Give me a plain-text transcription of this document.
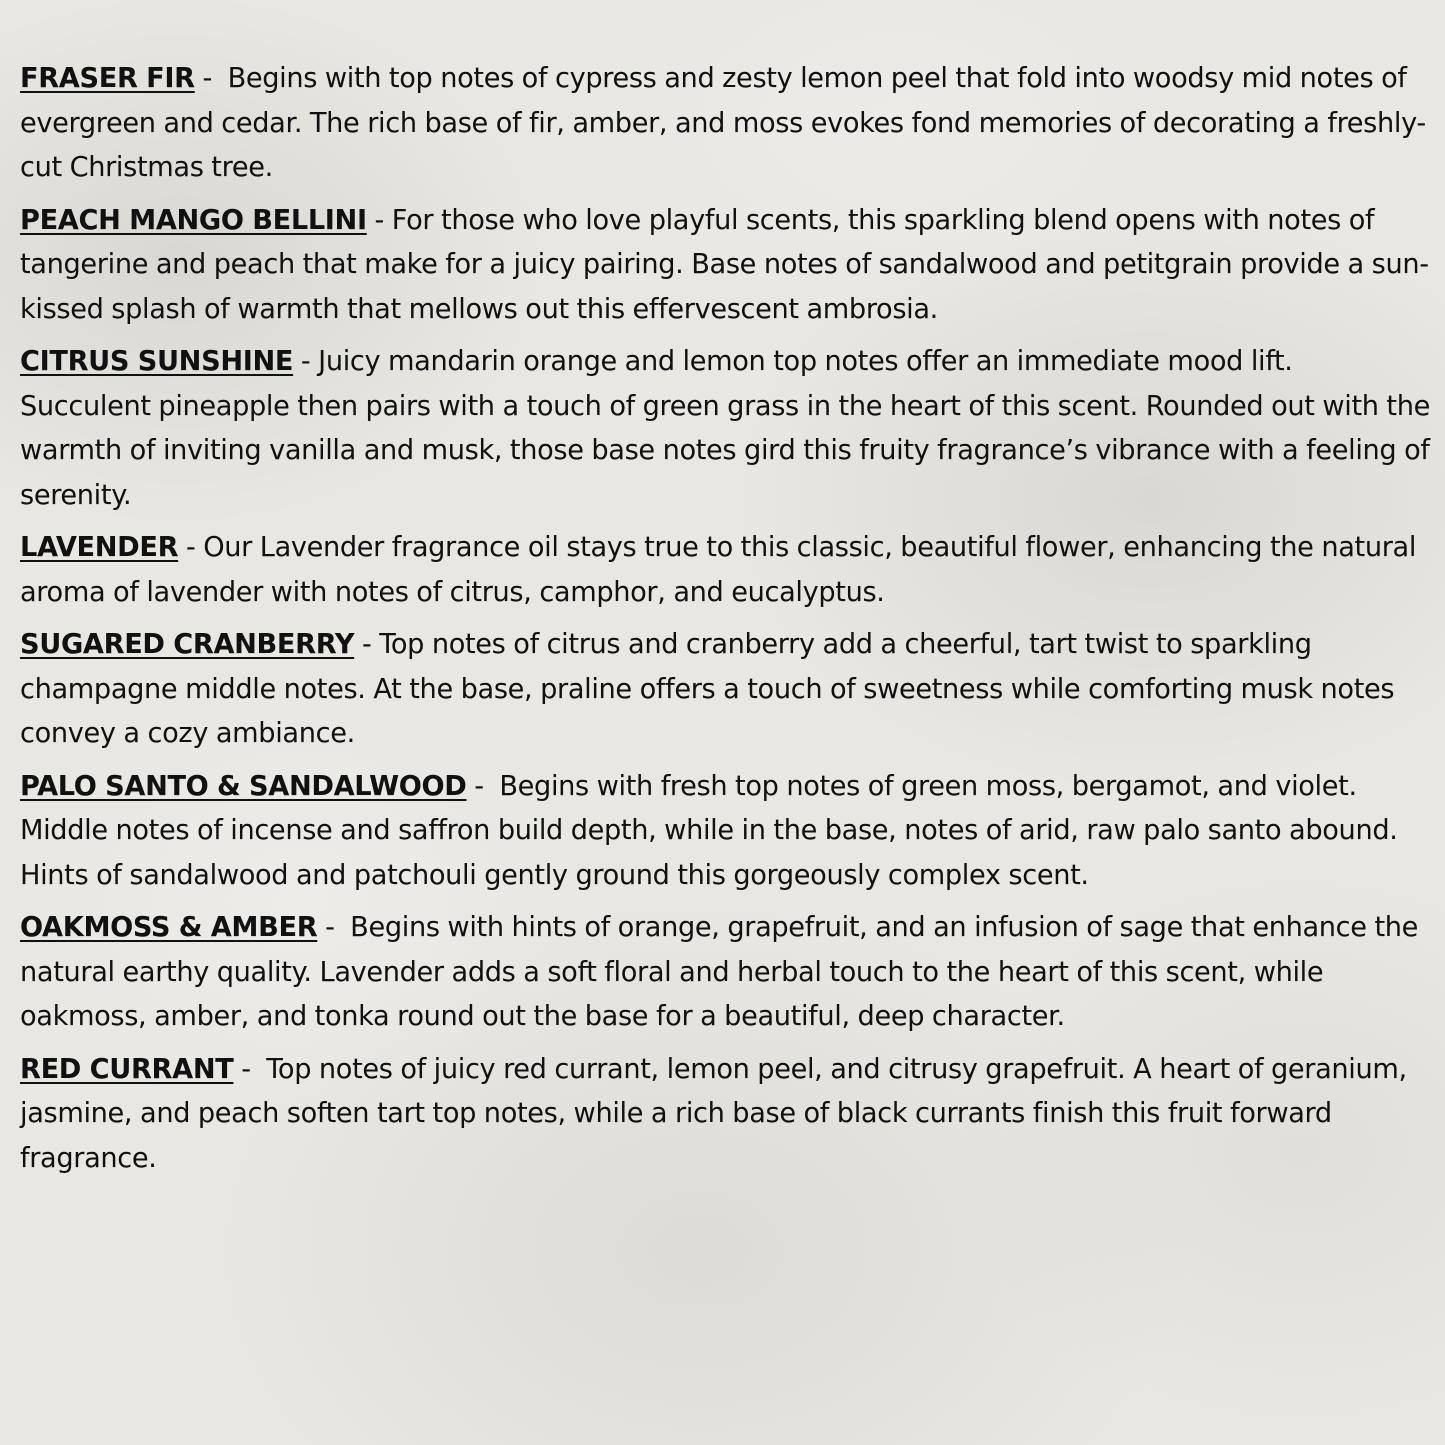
FRASER FIR -  Begins with top notes of cypress and zesty lemon peel that fold into woodsy mid notes of evergreen and cedar. The rich base of fir, amber, and moss evokes fond memories of decorating a freshly-cut Christmas tree.

PEACH MANGO BELLINI - For those who love playful scents, this sparkling blend opens with notes of tangerine and peach that make for a juicy pairing. Base notes of sandalwood and petitgrain provide a sun-kissed splash of warmth that mellows out this effervescent ambrosia.

CITRUS SUNSHINE - Juicy mandarin orange and lemon top notes offer an immediate mood lift. Succulent pineapple then pairs with a touch of green grass in the heart of this scent. Rounded out with the warmth of inviting vanilla and musk, those base notes gird this fruity fragrance’s vibrance with a feeling of serenity.

LAVENDER - Our Lavender fragrance oil stays true to this classic, beautiful flower, enhancing the natural aroma of lavender with notes of citrus, camphor, and eucalyptus.

SUGARED CRANBERRY - Top notes of citrus and cranberry add a cheerful, tart twist to sparkling champagne middle notes. At the base, praline offers a touch of sweetness while comforting musk notes convey a cozy ambiance.

PALO SANTO & SANDALWOOD -  Begins with fresh top notes of green moss, bergamot, and violet. Middle notes of incense and saffron build depth, while in the base, notes of arid, raw palo santo abound. Hints of sandalwood and patchouli gently ground this gorgeously complex scent.

OAKMOSS & AMBER -  Begins with hints of orange, grapefruit, and an infusion of sage that enhance the natural earthy quality. Lavender adds a soft floral and herbal touch to the heart of this scent, while oakmoss, amber, and tonka round out the base for a beautiful, deep character.

RED CURRANT -  Top notes of juicy red currant, lemon peel, and citrusy grapefruit. A heart of geranium, jasmine, and peach soften tart top notes, while a rich base of black currants finish this fruit forward fragrance.
